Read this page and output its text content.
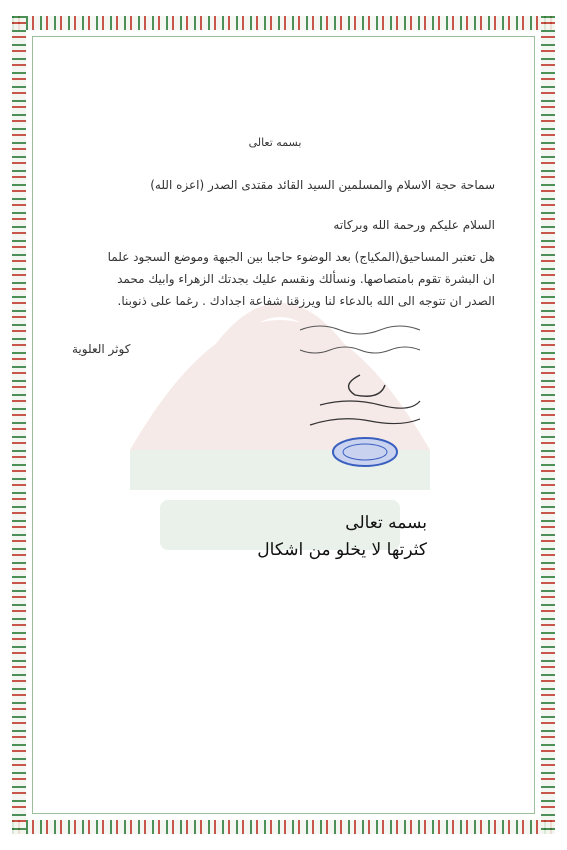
بسمه تعالى
سماحة حجة الاسلام والمسلمين السيد القائد مقتدى الصدر (اعزه الله)
السلام عليكم ورحمة الله وبركاته

هل تعتبر المساحيق(المكياج) بعد الوضوء حاجبا بين الجبهة وموضع السجود علما

ان البشرة تقوم بامتصاصها. ونسألك ونقسم عليك بجدتك الزهراء وابيك محمد

الصدر ان تتوجه الى الله بالدعاء لنا ويرزقنا شفاعة اجدادك . رغما على ذنوبنا.

كوثر العلوية
بسمه تعالى
كثرتها لا يخلو من اشكال
